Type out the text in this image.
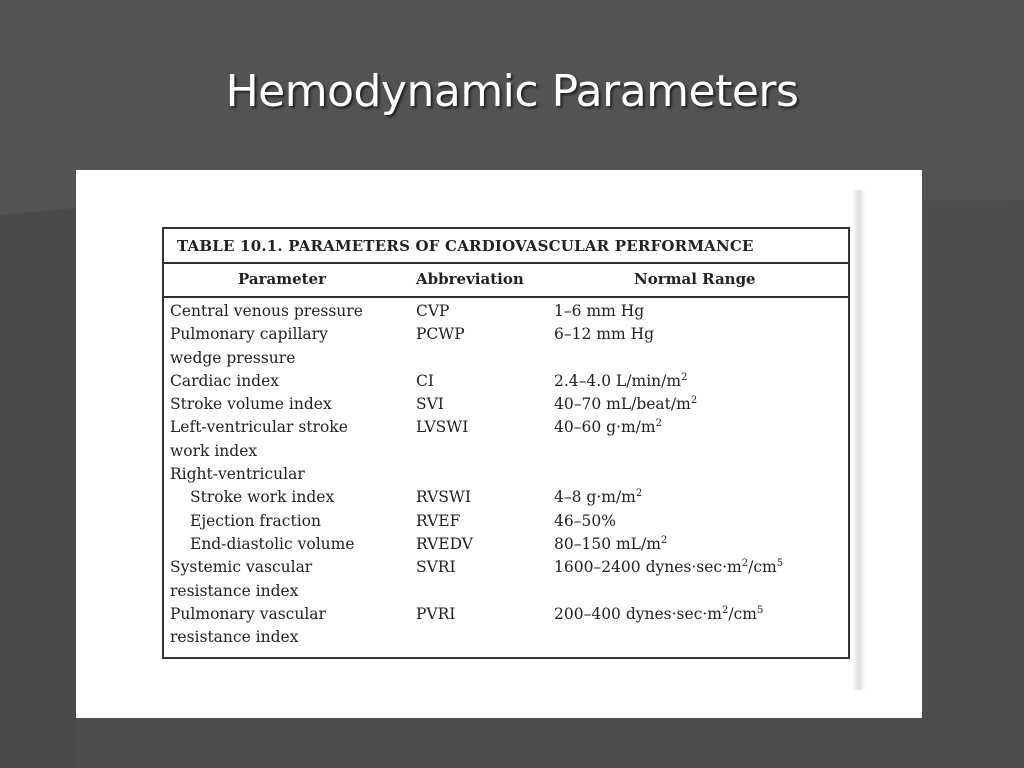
Hemodynamic Parameters
TABLE 10.1. PARAMETERS OF CARDIOVASCULAR PERFORMANCE
Parameter	Abbreviation	Normal Range
Central venous pressure	CVP	1–6 mm Hg
Pulmonary capillary	PCWP	6–12 mm Hg
wedge pressure
Cardiac index	CI	2.4–4.0 $L/\min/m^2$
Stroke volume index	SVI	40–70 $mL/beat/m^2$
Left-ventricular stroke	LVSWI	40–60 $g\cdot m/m^2$
work index
Right-ventricular
Stroke work index	RVSWI	4–8 $g\cdot m/m^2$
Ejection fraction	RVEF	46–50%
End-diastolic volume	RVEDV	80–150 $mL/m^2$
Systemic vascular	SVRI	1600–2400 $dynes\cdot\sec\cdot m^2/cm^5$
resistance index
Pulmonary vascular	PVRI	200–400 $dynes\cdot\sec\cdot m^2/cm^5$
resistance index
